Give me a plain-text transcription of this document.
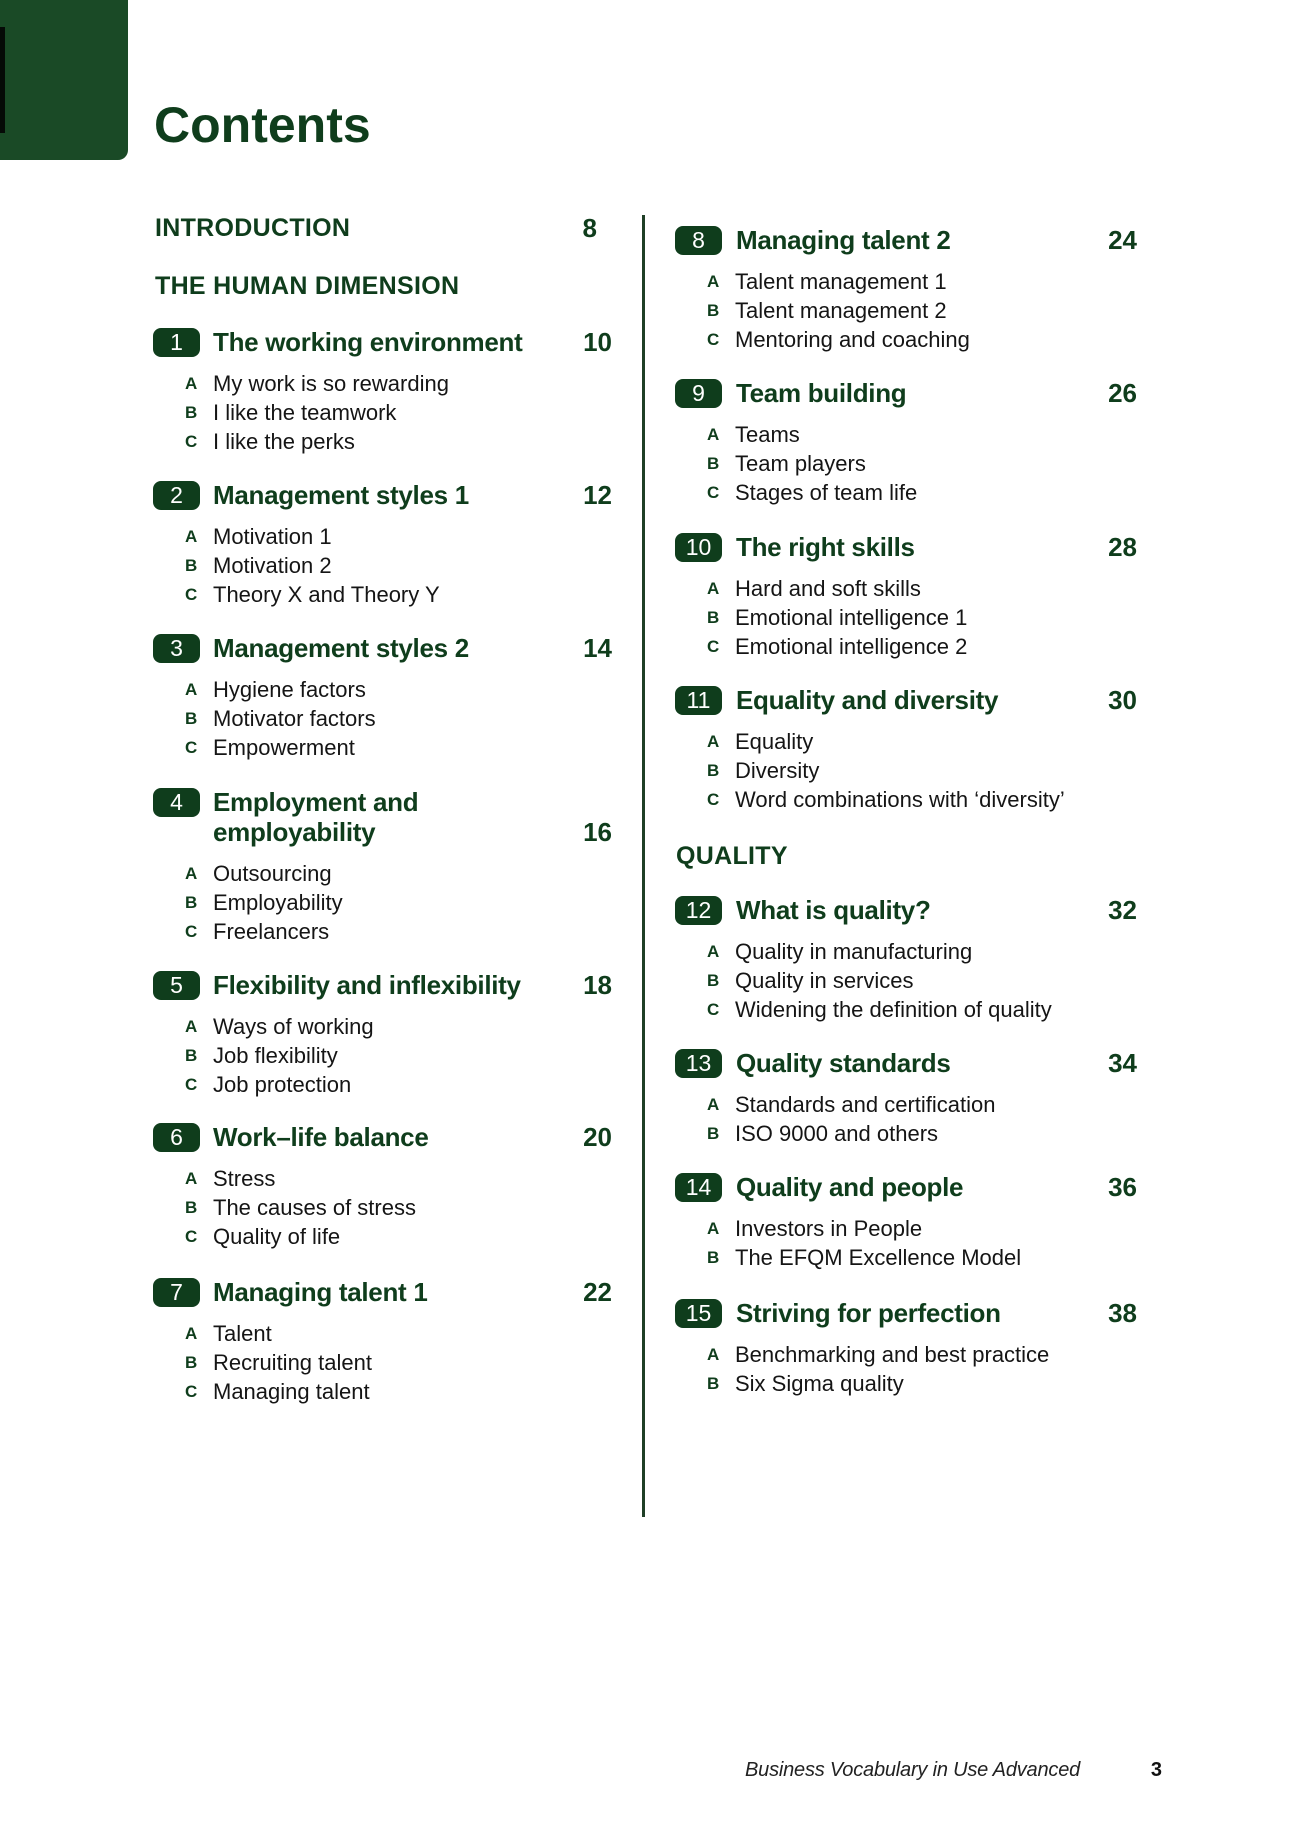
Contents
INTRODUCTION	8
THE HUMAN DIMENSION
QUALITY
1	The working environment	10
A My work is so rewarding
B I like the teamwork
C I like the perks
2	Management styles 1	12
A Motivation 1
B Motivation 2
C Theory X and Theory Y
3	Management styles 2	14
A Hygiene factors
B Motivator factors
C Empowerment
4	Employment and
employability	16
A Outsourcing
B Employability
C Freelancers
5	Flexibility and inflexibility	18
A Ways of working
B Job flexibility
C Job protection
6	Work–life balance	20
A Stress
B The causes of stress
C Quality of life
7	Managing talent 1	22
A Talent
B Recruiting talent
C Managing talent
8	Managing talent 2	24
A Talent management 1
B Talent management 2
C Mentoring and coaching
9	Team building	26
A Teams
B Team players
C Stages of team life
10 The right skills	28
A Hard and soft skills
B Emotional intelligence 1
C Emotional intelligence 2
11 Equality and diversity	30
A Equality
B Diversity
C Word combinations with ‘diversity’
12 What is quality?	32
A Quality in manufacturing
B Quality in services
C Widening the definition of quality
13 Quality standards	34
A Standards and certification
B ISO 9000 and others
14 Quality and people	36
A Investors in People
B The EFQM Excellence Model
15 Striving for perfection	38
A Benchmarking and best practice
B Six Sigma quality
Business Vocabulary in Use Advanced	3
